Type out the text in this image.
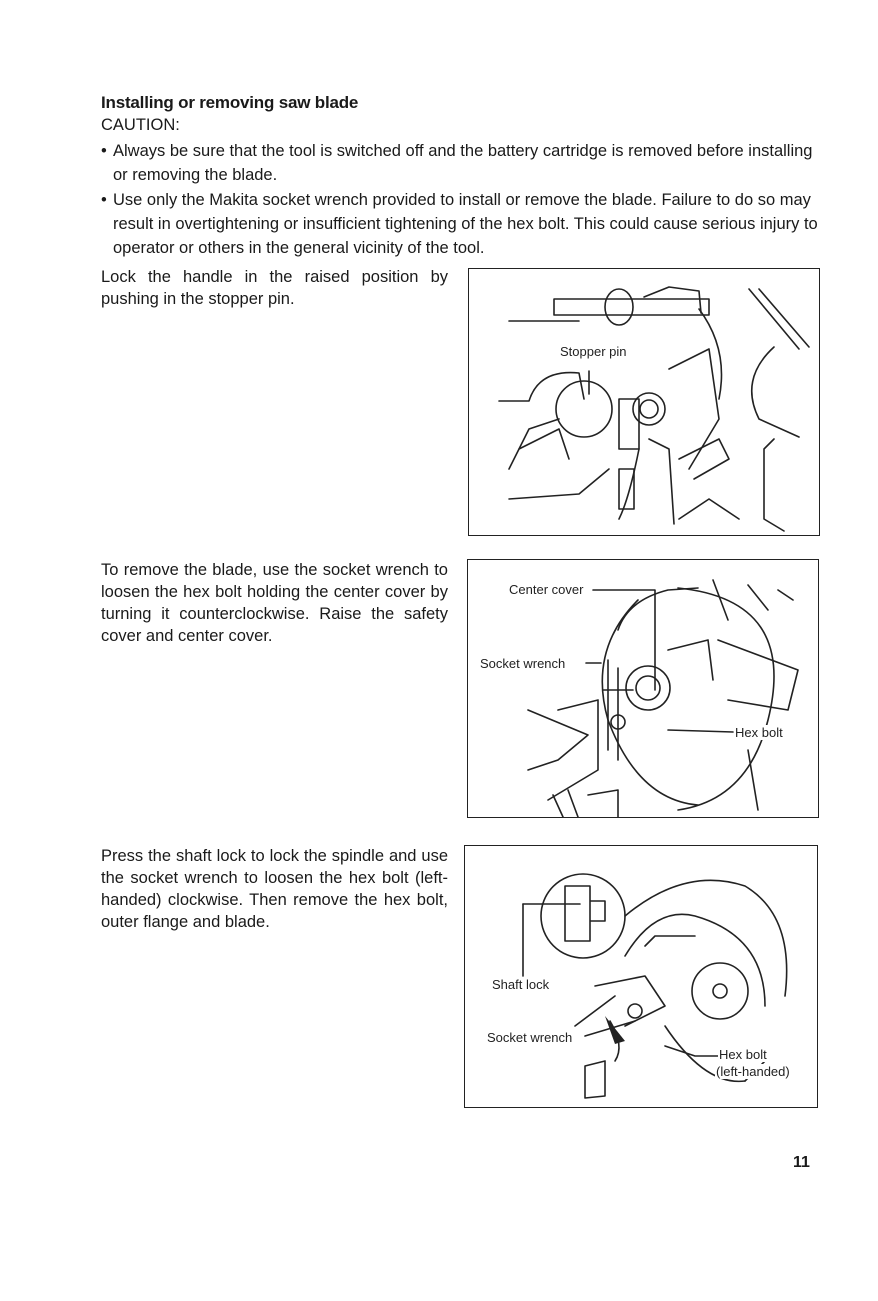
Installing or removing saw blade
CAUTION:
• Always be sure that the tool is switched off and the battery cartridge is removed before installing or removing the blade.
• Use only the Makita socket wrench provided to install or remove the blade. Failure to do so may result in overtightening or insufficient tightening of the hex bolt. This could cause serious injury to operator or others in the general vicinity of the tool.
Lock the handle in the raised position by pushing in the stopper pin.
Stopper pin
To remove the blade, use the socket wrench to loosen the hex bolt holding the center cover by turning it counterclockwise. Raise the safety cover and center cover.
Center cover
Socket wrench
Hex bolt
Press the shaft lock to lock the spindle and use the socket wrench to loosen the hex bolt (left-handed) clockwise. Then remove the hex bolt, outer flange and blade.
Shaft lock
Socket wrench
Hex bolt
(left-handed)
11
